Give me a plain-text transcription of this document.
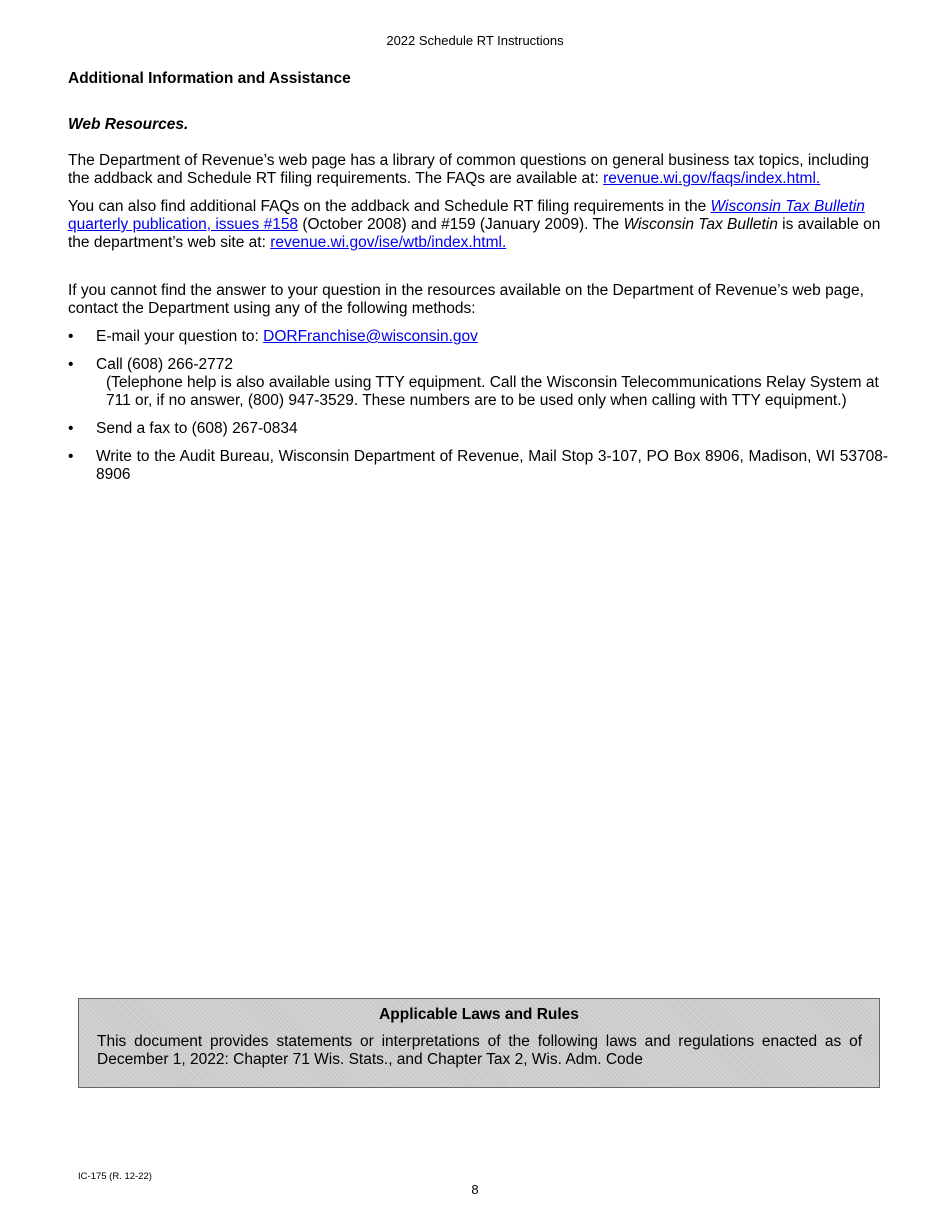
2022 Schedule RT Instructions
Additional Information and Assistance
Web Resources.
The Department of Revenue’s web page has a library of common questions on general business tax topics, including the addback and Schedule RT filing requirements. The FAQs are available at: revenue.wi.gov/faqs/index.html.
You can also find additional FAQs on the addback and Schedule RT filing requirements in the Wisconsin Tax Bulletin quarterly publication, issues #158 (October 2008) and #159 (January 2009). The Wisconsin Tax Bulletin is available on the department’s web site at: revenue.wi.gov/ise/wtb/index.html.
If you cannot find the answer to your question in the resources available on the Department of Revenue’s web page, contact the Department using any of the following methods:
• E-mail your question to: DORFranchise@wisconsin.gov
• Call (608) 266-2772
(Telephone help is also available using TTY equipment. Call the Wisconsin Telecommunications Relay System at 711 or, if no answer, (800) 947-3529. These numbers are to be used only when calling with TTY equipment.)
• Send a fax to (608) 267-0834
• Write to the Audit Bureau, Wisconsin Department of Revenue, Mail Stop 3-107, PO Box 8906, Madison, WI 53708-8906
Applicable Laws and Rules
This document provides statements or interpretations of the following laws and regulations enacted as of December 1, 2022: Chapter 71 Wis. Stats., and Chapter Tax 2, Wis. Adm. Code
IC-175 (R. 12-22)
8
